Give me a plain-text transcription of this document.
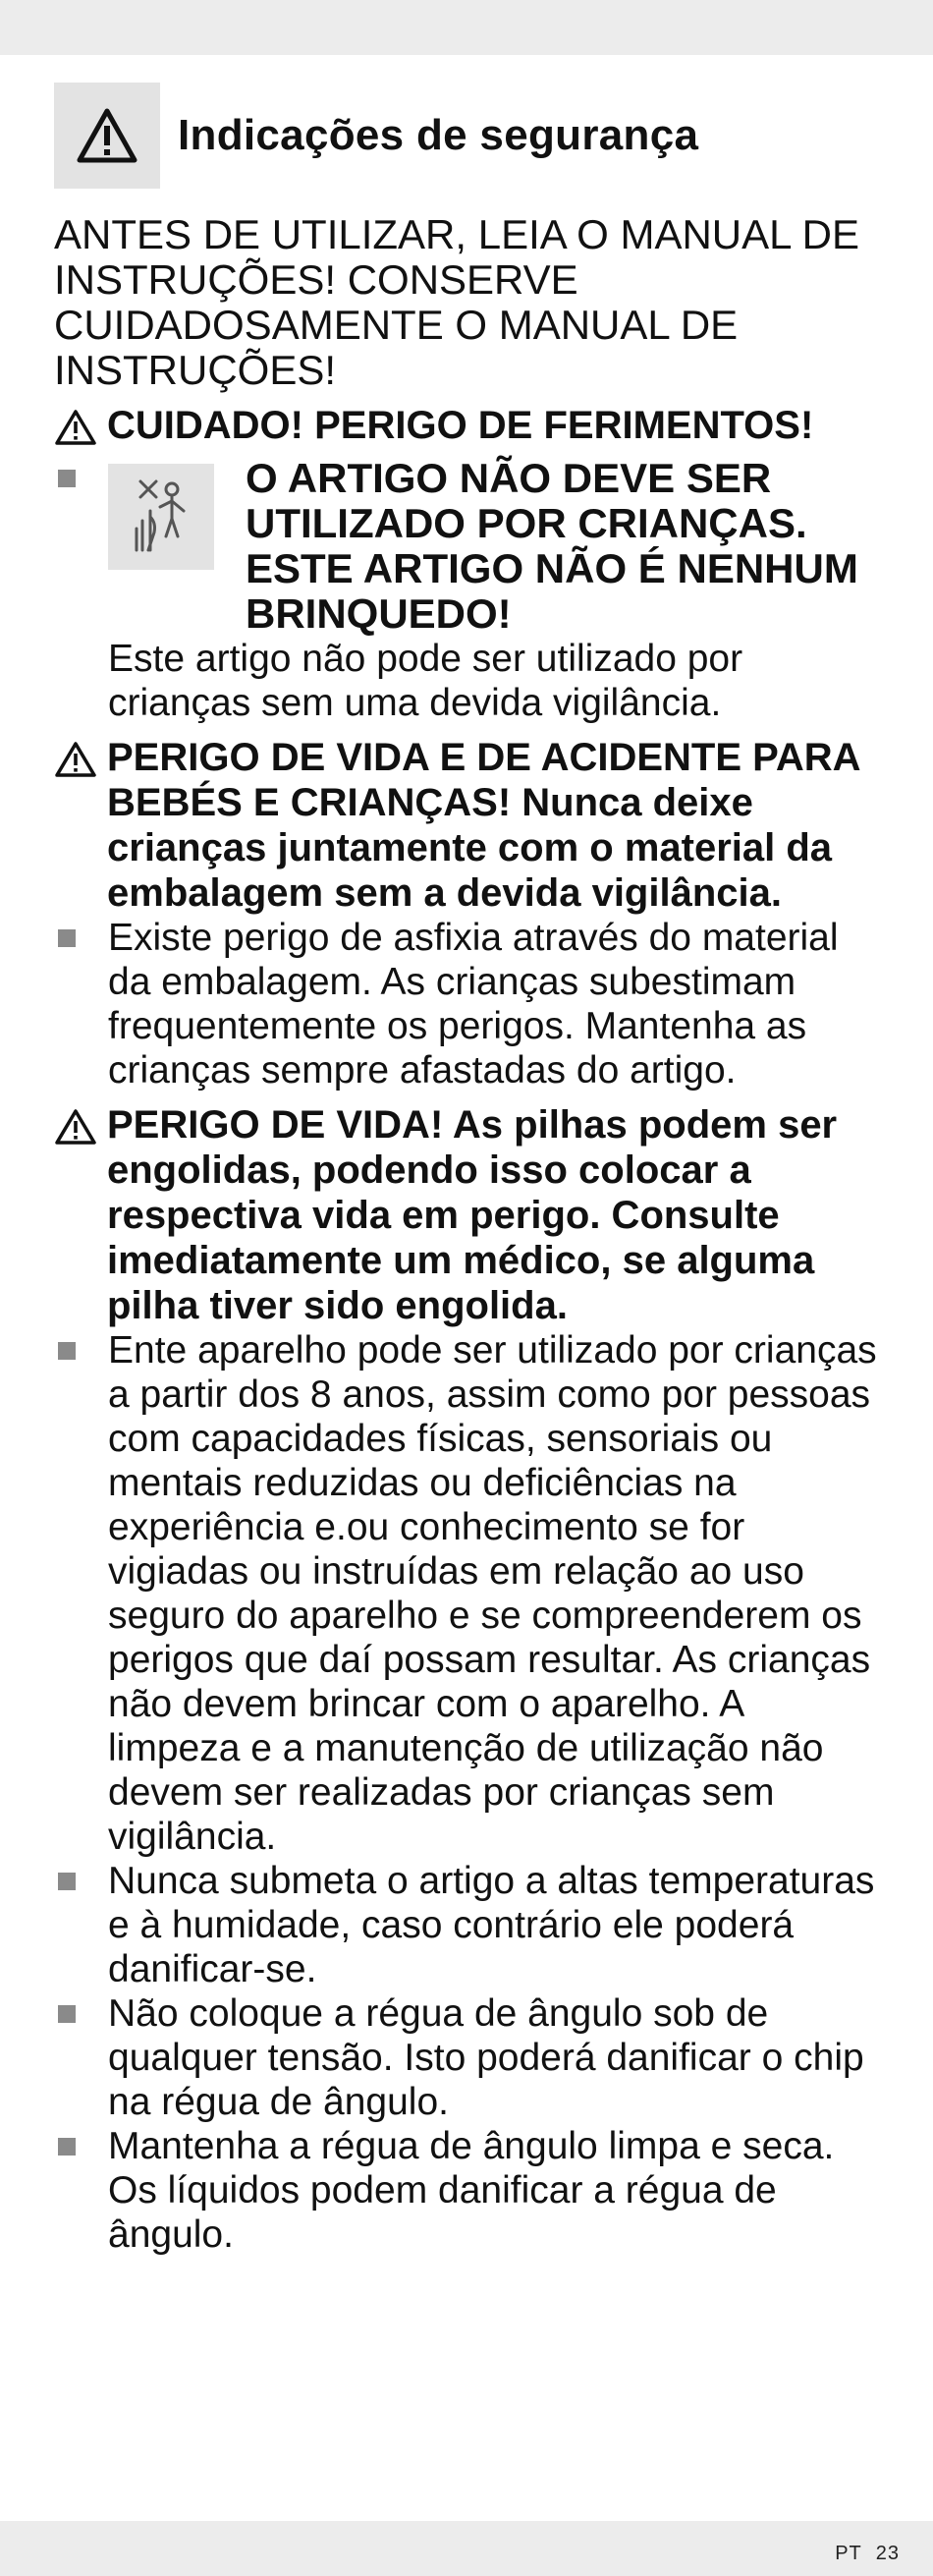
Indicações de segurança
ANTES DE UTILIZAR, LEIA O MANUAL DE INSTRUÇÕES! CONSERVE CUIDADOSAMENTE O MANUAL DE INSTRUÇÕES!
CUIDADO! PERIGO DE FERIMENTOS!
O ARTIGO NÃO DEVE SER UTILIZADO POR CRIANÇAS. ESTE ARTIGO NÃO É NENHUM BRINQUEDO!
Este artigo não pode ser utilizado por crianças sem uma devida vigilância.
PERIGO DE VIDA E DE ACIDENTE PARA BEBÉS E CRIANÇAS! Nunca deixe crianças juntamente com o material da embalagem sem a devida vigilância.
Existe perigo de asfixia através do material da embalagem. As crianças subestimam frequentemente os perigos. Mantenha as crianças sempre afastadas do artigo.
PERIGO DE VIDA! As pilhas podem ser engolidas, podendo isso colocar a respectiva vida em perigo. Consulte imediatamente um médico, se alguma pilha tiver sido engolida.
Ente aparelho pode ser utilizado por crianças a partir dos 8 anos, assim como por pessoas com capacidades físicas, sensoriais ou mentais reduzidas ou deficiências na experiência e.ou conhecimento se for vigiadas ou instruídas em relação ao uso seguro do aparelho e se compreenderem os perigos que daí possam resultar. As crianças não devem brincar com o aparelho. A limpeza e a manutenção de utilização não devem ser realizadas por crianças sem vigilância.
Nunca submeta o artigo a altas temperaturas e à humidade, caso contrário ele poderá danificar-se.
Não coloque a régua de ângulo sob de qualquer tensão. Isto poderá danificar o chip na régua de ângulo.
Mantenha a régua de ângulo limpa e seca. Os líquidos podem danificar a régua de ângulo.
PT 23
